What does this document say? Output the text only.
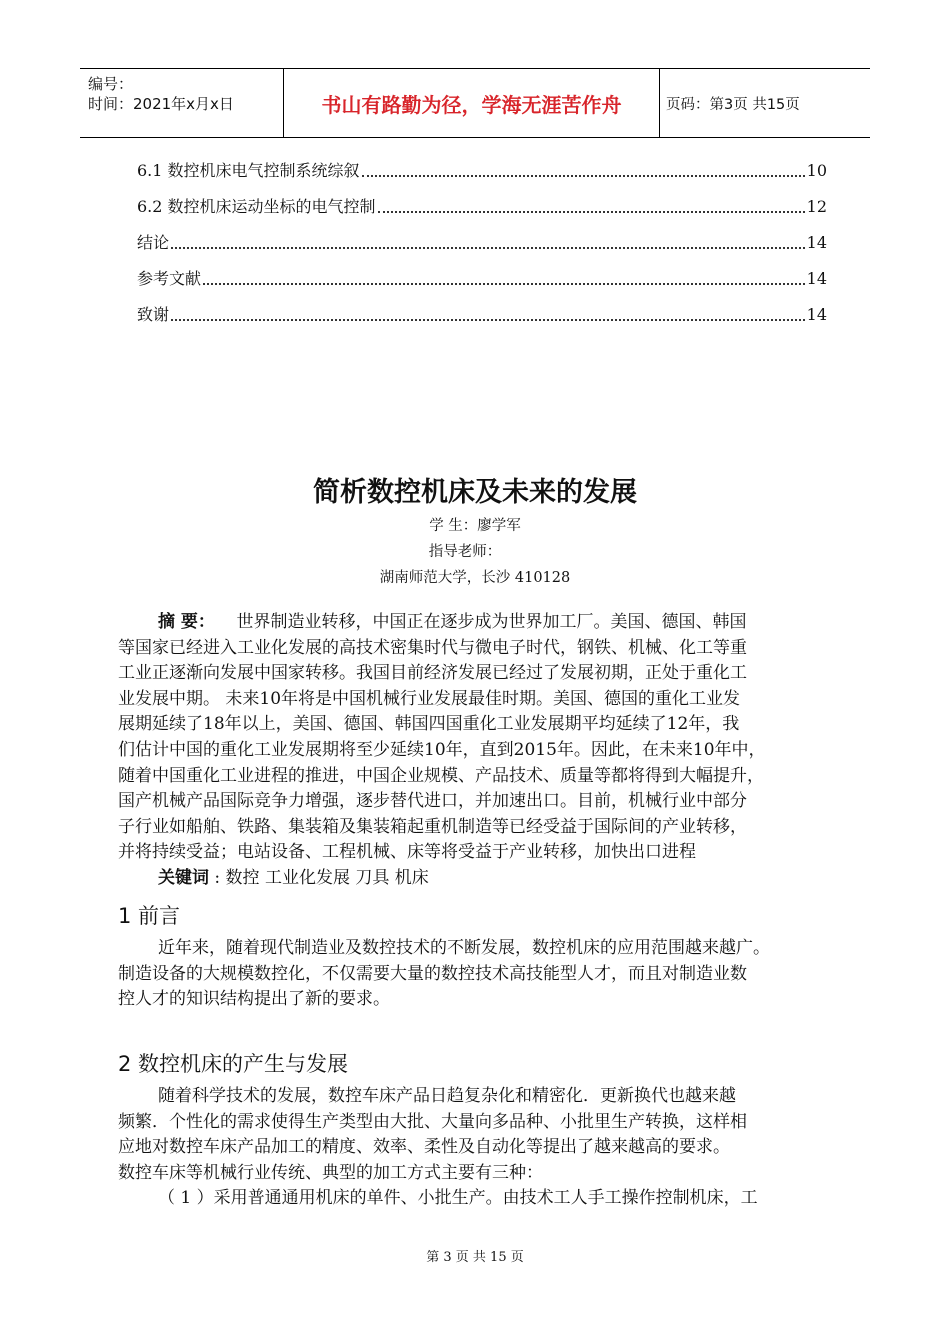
编号：
时间：2021年x月x日	书山有路勤为径，学海无涯苦作舟	页码：第3页 共15页
6.1 数控机床电气控制系统综叙	10
6.2 数控机床运动坐标的电气控制	12
结论	14
参考文献	14
致谢	14
简析数控机床及未来的发展
学 生：廖学军
指导老师：
湖南师范大学，长沙 410128
摘 要： 世界制造业转移，中国正在逐步成为世界加工厂。美国、德国、韩国
等国家已经进入工业化发展的高技术密集时代与微电子时代，钢铁、机械、化工等重
工业正逐渐向发展中国家转移。我国目前经济发展已经过了发展初期，正处于重化工
业发展中期。 未来10年将是中国机械行业发展最佳时期。美国、德国的重化工业发
展期延续了18年以上，美国、德国、韩国四国重化工业发展期平均延续了12年，我
们估计中国的重化工业发展期将至少延续10年，直到2015年。因此，在未来10年中，
随着中国重化工业进程的推进，中国企业规模、产品技术、质量等都将得到大幅提升，
国产机械产品国际竞争力增强，逐步替代进口，并加速出口。目前，机械行业中部分
子行业如船舶、铁路、集装箱及集装箱起重机制造等已经受益于国际间的产业转移，
并将持续受益；电站设备、工程机械、床等将受益于产业转移，加快出口进程
关键词 : 数控 工业化发展 刀具 机床
1 前言
近年来，随着现代制造业及数控技术的不断发展，数控机床的应用范围越来越广。
制造设备的大规模数控化，不仅需要大量的数控技术高技能型人才，而且对制造业数
控人才的知识结构提出了新的要求。
2 数控机床的产生与发展
随着科学技术的发展，数控车床产品日趋复杂化和精密化．更新换代也越来越
频繁．个性化的需求使得生产类型由大批、大量向多品种、小批里生产转换，这样相
应地对数控车床产品加工的精度、效率、柔性及自动化等提出了越来越高的要求。
数控车床等机械行业传统、典型的加工方式主要有三种：
（ 1 ）采用普通通用机床的单件、小批生产。由技术工人手工操作控制机床，工
第 3 页 共 15 页
